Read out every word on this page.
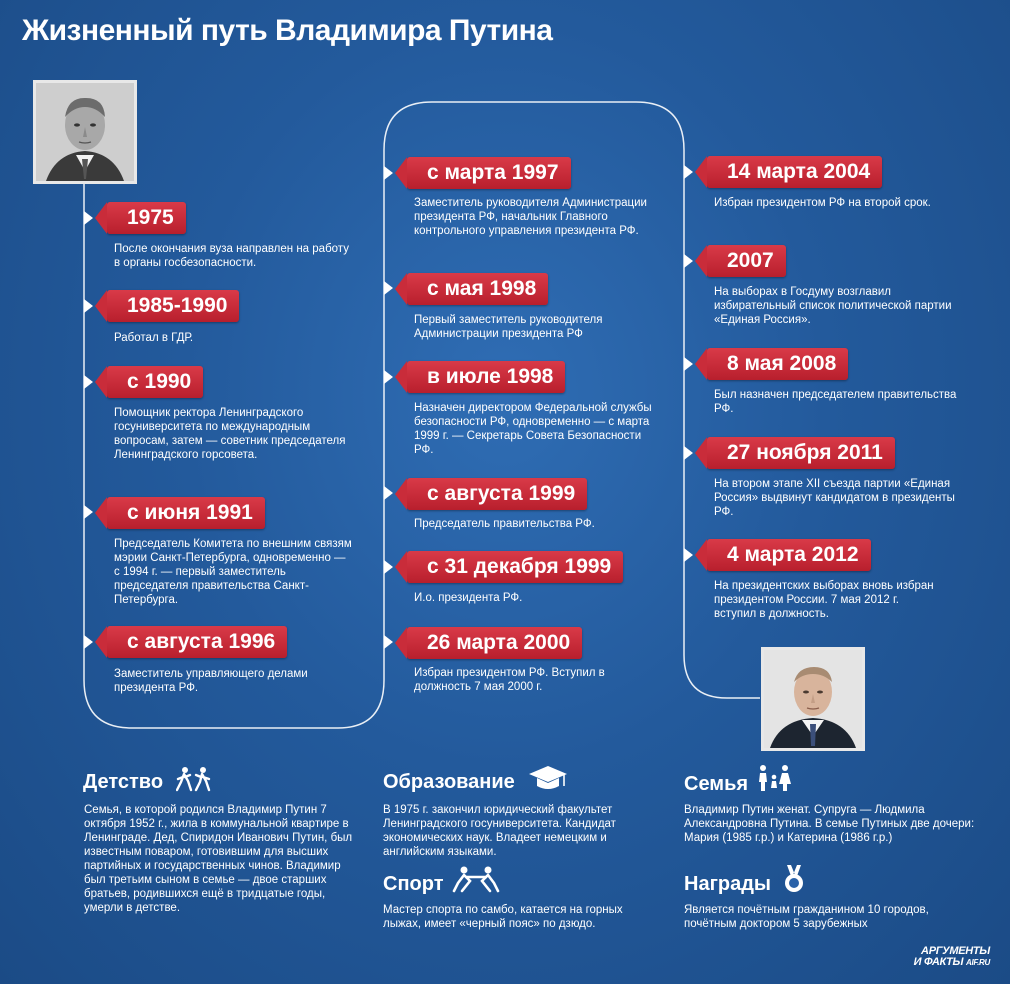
Жизненный путь Владимира Путина
1975
После окончания вуза направлен на работу в органы госбезопасности.
1985-1990
Работал в ГДР.
с 1990
Помощник ректора Ленинградского госуниверситета по международным вопросам, затем — советник председателя Ленинградского горсовета.
с июня 1991
Председатель Комитета по внешним связям мэрии Санкт-Петербурга, одновременно — с 1994 г. — первый заместитель председателя правительства Санкт-Петербурга.
с августа 1996
Заместитель управляющего делами президента РФ.
с марта 1997
Заместитель руководителя Администрации президента РФ, начальник Главного контрольного управления президента РФ.
с мая 1998
Первый заместитель руководителя Администрации президента РФ
в июле 1998
Назначен директором Федеральной службы безопасности РФ, одновременно — с марта 1999 г. — Секретарь Совета Безопасности РФ.
с августа 1999
Председатель правительства РФ.
с 31 декабря 1999
И.о. президента РФ.
26 марта 2000
Избран президентом РФ. Вступил в должность 7 мая 2000 г.
14 марта 2004
Избран президентом РФ на второй срок.
2007
На выборах в Госдуму возглавил избирательный список политической партии «Единая Россия».
8 мая 2008
Был назначен председателем правительства РФ.
27 ноября 2011
На втором этапе XII съезда партии «Единая Россия» выдвинут кандидатом в президенты РФ.
4 марта 2012
На президентских выборах вновь избран президентом России. 7 мая 2012 г. вступил в должность.
Детство
Семья, в которой родился Владимир Путин 7 октября 1952 г., жила в коммунальной квартире в Ленинграде. Дед, Спиридон Иванович Путин, был известным поваром, готовившим для высших партийных и государственных чинов. Владимир был третьим сыном в семье — двое старших братьев, родившихся ещё в тридцатые годы, умерли в детстве.
Образование
В 1975 г. закончил юридический факультет Ленинградского госуниверситета. Кандидат экономических наук. Владеет немецким и английским языками.
Спорт
Мастер спорта по самбо, катается на горных лыжах, имеет «черный пояс» по дзюдо.
Семья
Владимир Путин женат. Супруга — Людмила Александровна Путина. В семье Путиных две дочери: Мария (1985 г.р.) и Катерина (1986 г.р.)
Награды
Является почётным гражданином 10 городов, почётным доктором 5 зарубежных
АРГУМЕНТЫ
И ФАКТЫ AIF.RU
